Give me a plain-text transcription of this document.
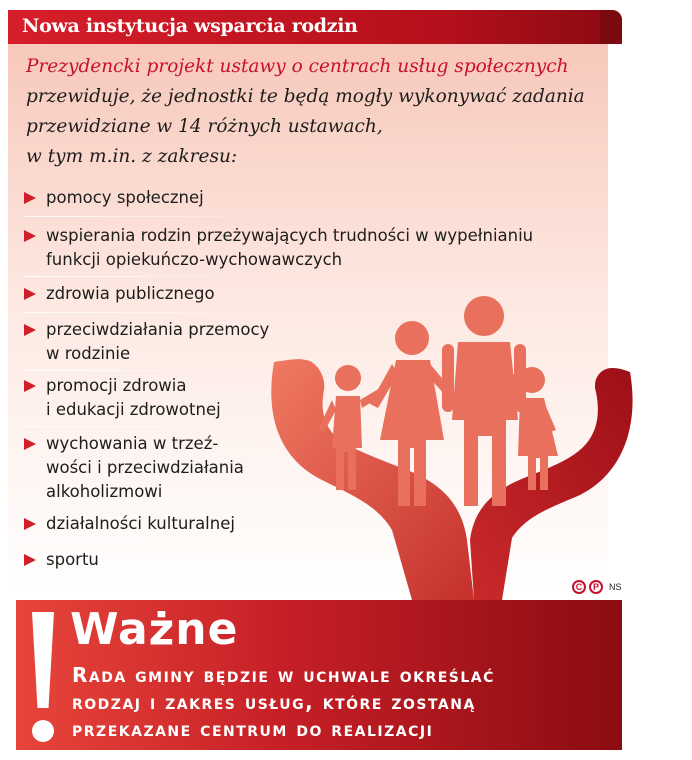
Nowa instytucja wsparcia rodzin
Prezydencki projekt ustawy o centrach usług społecznych
przewiduje, że jednostki te będą mogły wykonywać zadania
przewidziane w 14 różnych ustawach,
w tym m.in. z zakresu:
pomocy społecznej
wspierania rodzin przeżywających trudności w wypełnianiu
funkcji opiekuńczo-wychowawczych
zdrowia publicznego
przeciwdziałania przemocy
w rodzinie
promocji zdrowia
i edukacji zdrowotnej
wychowania w trzeź-
wości i przeciwdziałania
alkoholizmowi
działalności kulturalnej
sportu
C	P	NS
Ważne
Rada gminy będzie w uchwale określać
rodzaj i zakres usług, które zostaną
przekazane centrum do realizacji
